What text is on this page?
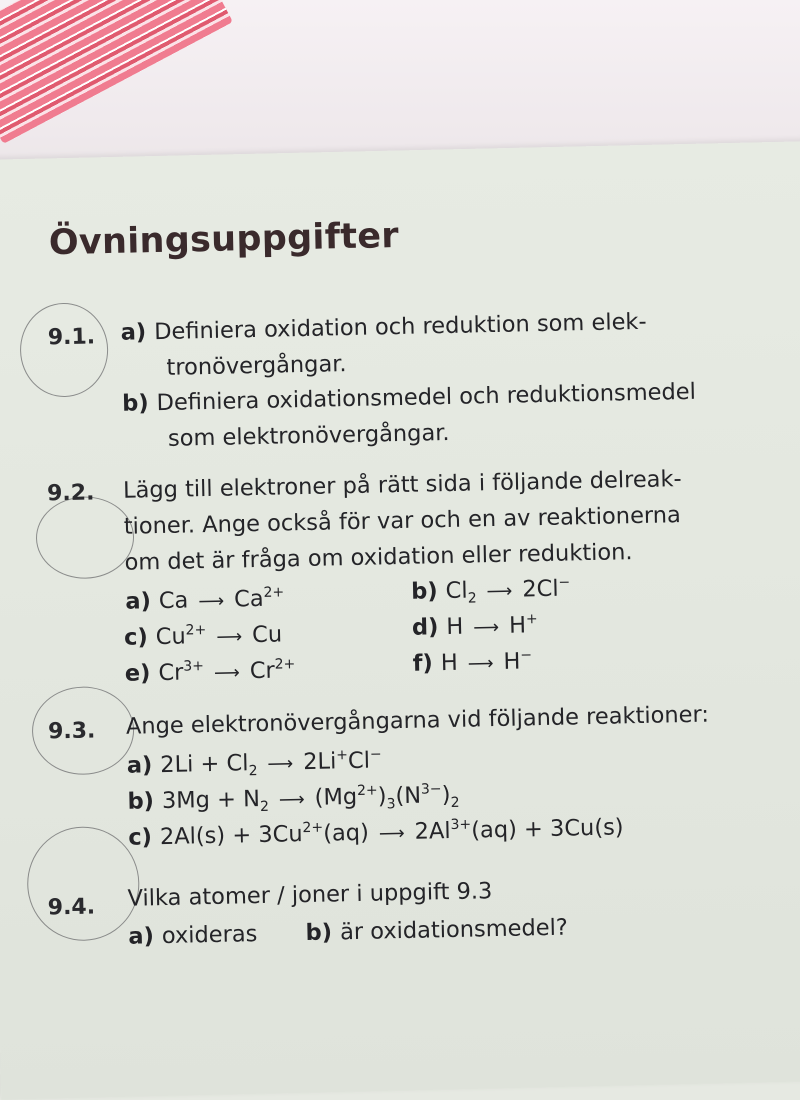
Övningsuppgifter
9.1. a) Definiera oxidation och reduktion som elek-
tronövergångar.
b) Definiera oxidationsmedel och reduktionsmedel
som elektronövergångar.
9.2. Lägg till elektroner på rätt sida i följande delreak-
tioner. Ange också för var och en av reaktionerna
om det är fråga om oxidation eller reduktion.
a) Ca ⟶ $Ca^{2+}$	b) $Cl_2$ ⟶ 2Cl−
c) $Cu^{2+}$ ⟶ Cu	d) H ⟶ H+
e) $Cr^{3+}$ ⟶ $Cr^{2+}$	f) H ⟶ H−
9.3. Ange elektronövergångarna vid följande reaktioner:
a) $2Li + Cl_2$ ⟶ 2Li+Cl−
b) $3Mg + N_2$ ⟶ $(Mg^{2+})_3(N^{3-})_2$
c) $2Al(s) + 3Cu^{2+}(aq)$ ⟶ $2Al^{3+}(aq) + 3Cu(s)$
9.4. Vilka atomer / joner i uppgift 9.3
a) oxideras b) är oxidationsmedel?
